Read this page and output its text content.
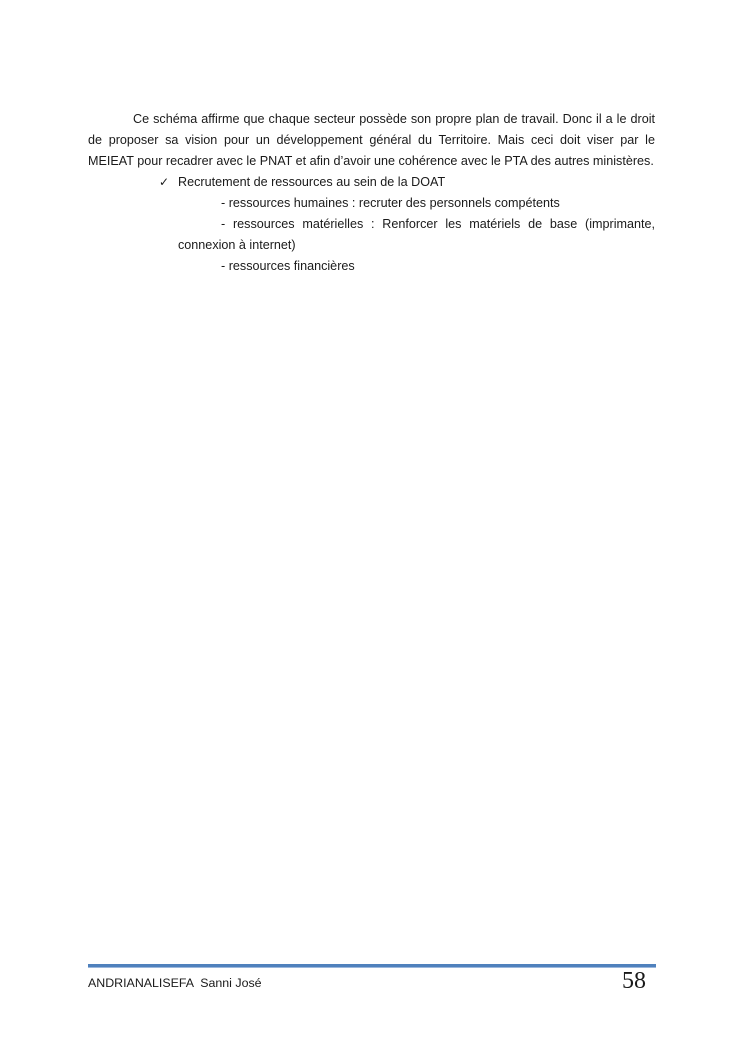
Ce schéma affirme que chaque secteur possède son propre plan de travail. Donc il a le droit de proposer sa vision pour un développement général du Territoire. Mais ceci doit viser par le MEIEAT pour recadrer avec le PNAT et afin d’avoir une cohérence avec le PTA des autres ministères.

✓ Recrutement de ressources au sein de la DOAT

- ressources humaines : recruter des personnels compétents

- ressources matérielles : Renforcer les matériels de base (imprimante, connexion à internet)

- ressources financières

ANDRIANALISEFA  Sanni José	58
